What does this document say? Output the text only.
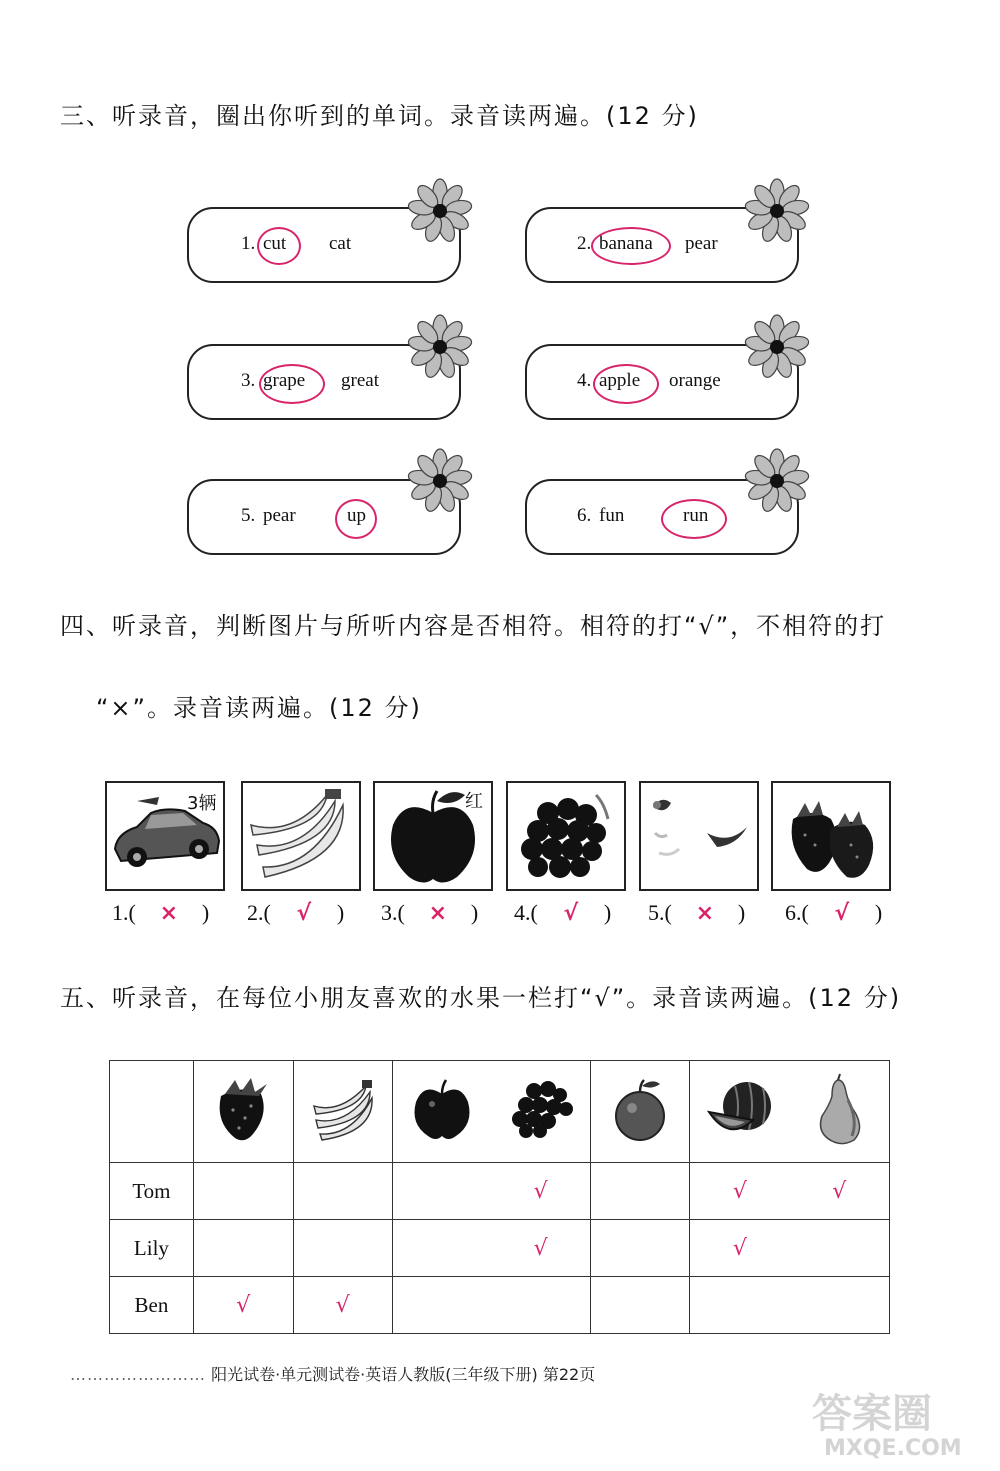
三、听录音，圈出你听到的单词。录音读两遍。(12 分)
1. cut cat	2. banana pear
3. grape great	4. apple orange
5. pear	up	6. fun	run
四、听录音，判断图片与所听内容是否相符。相符的打“√”，不相符的打
“×”。录音读两遍。(12 分)
3辆	红
1.( × ) 2.( √ ) 3.( × ) 4.( √ ) 5.( × ) 6.( √ )
五、听录音，在每位小朋友喜欢的水果一栏打“√”。录音读两遍。(12 分)

Tom				√		√	√
Lily				√		√	
Ben	√	√					
…………………… 阳光试卷·单元测试卷·英语人教版(三年级下册) 第22页
答案圈
MXQE.COM
